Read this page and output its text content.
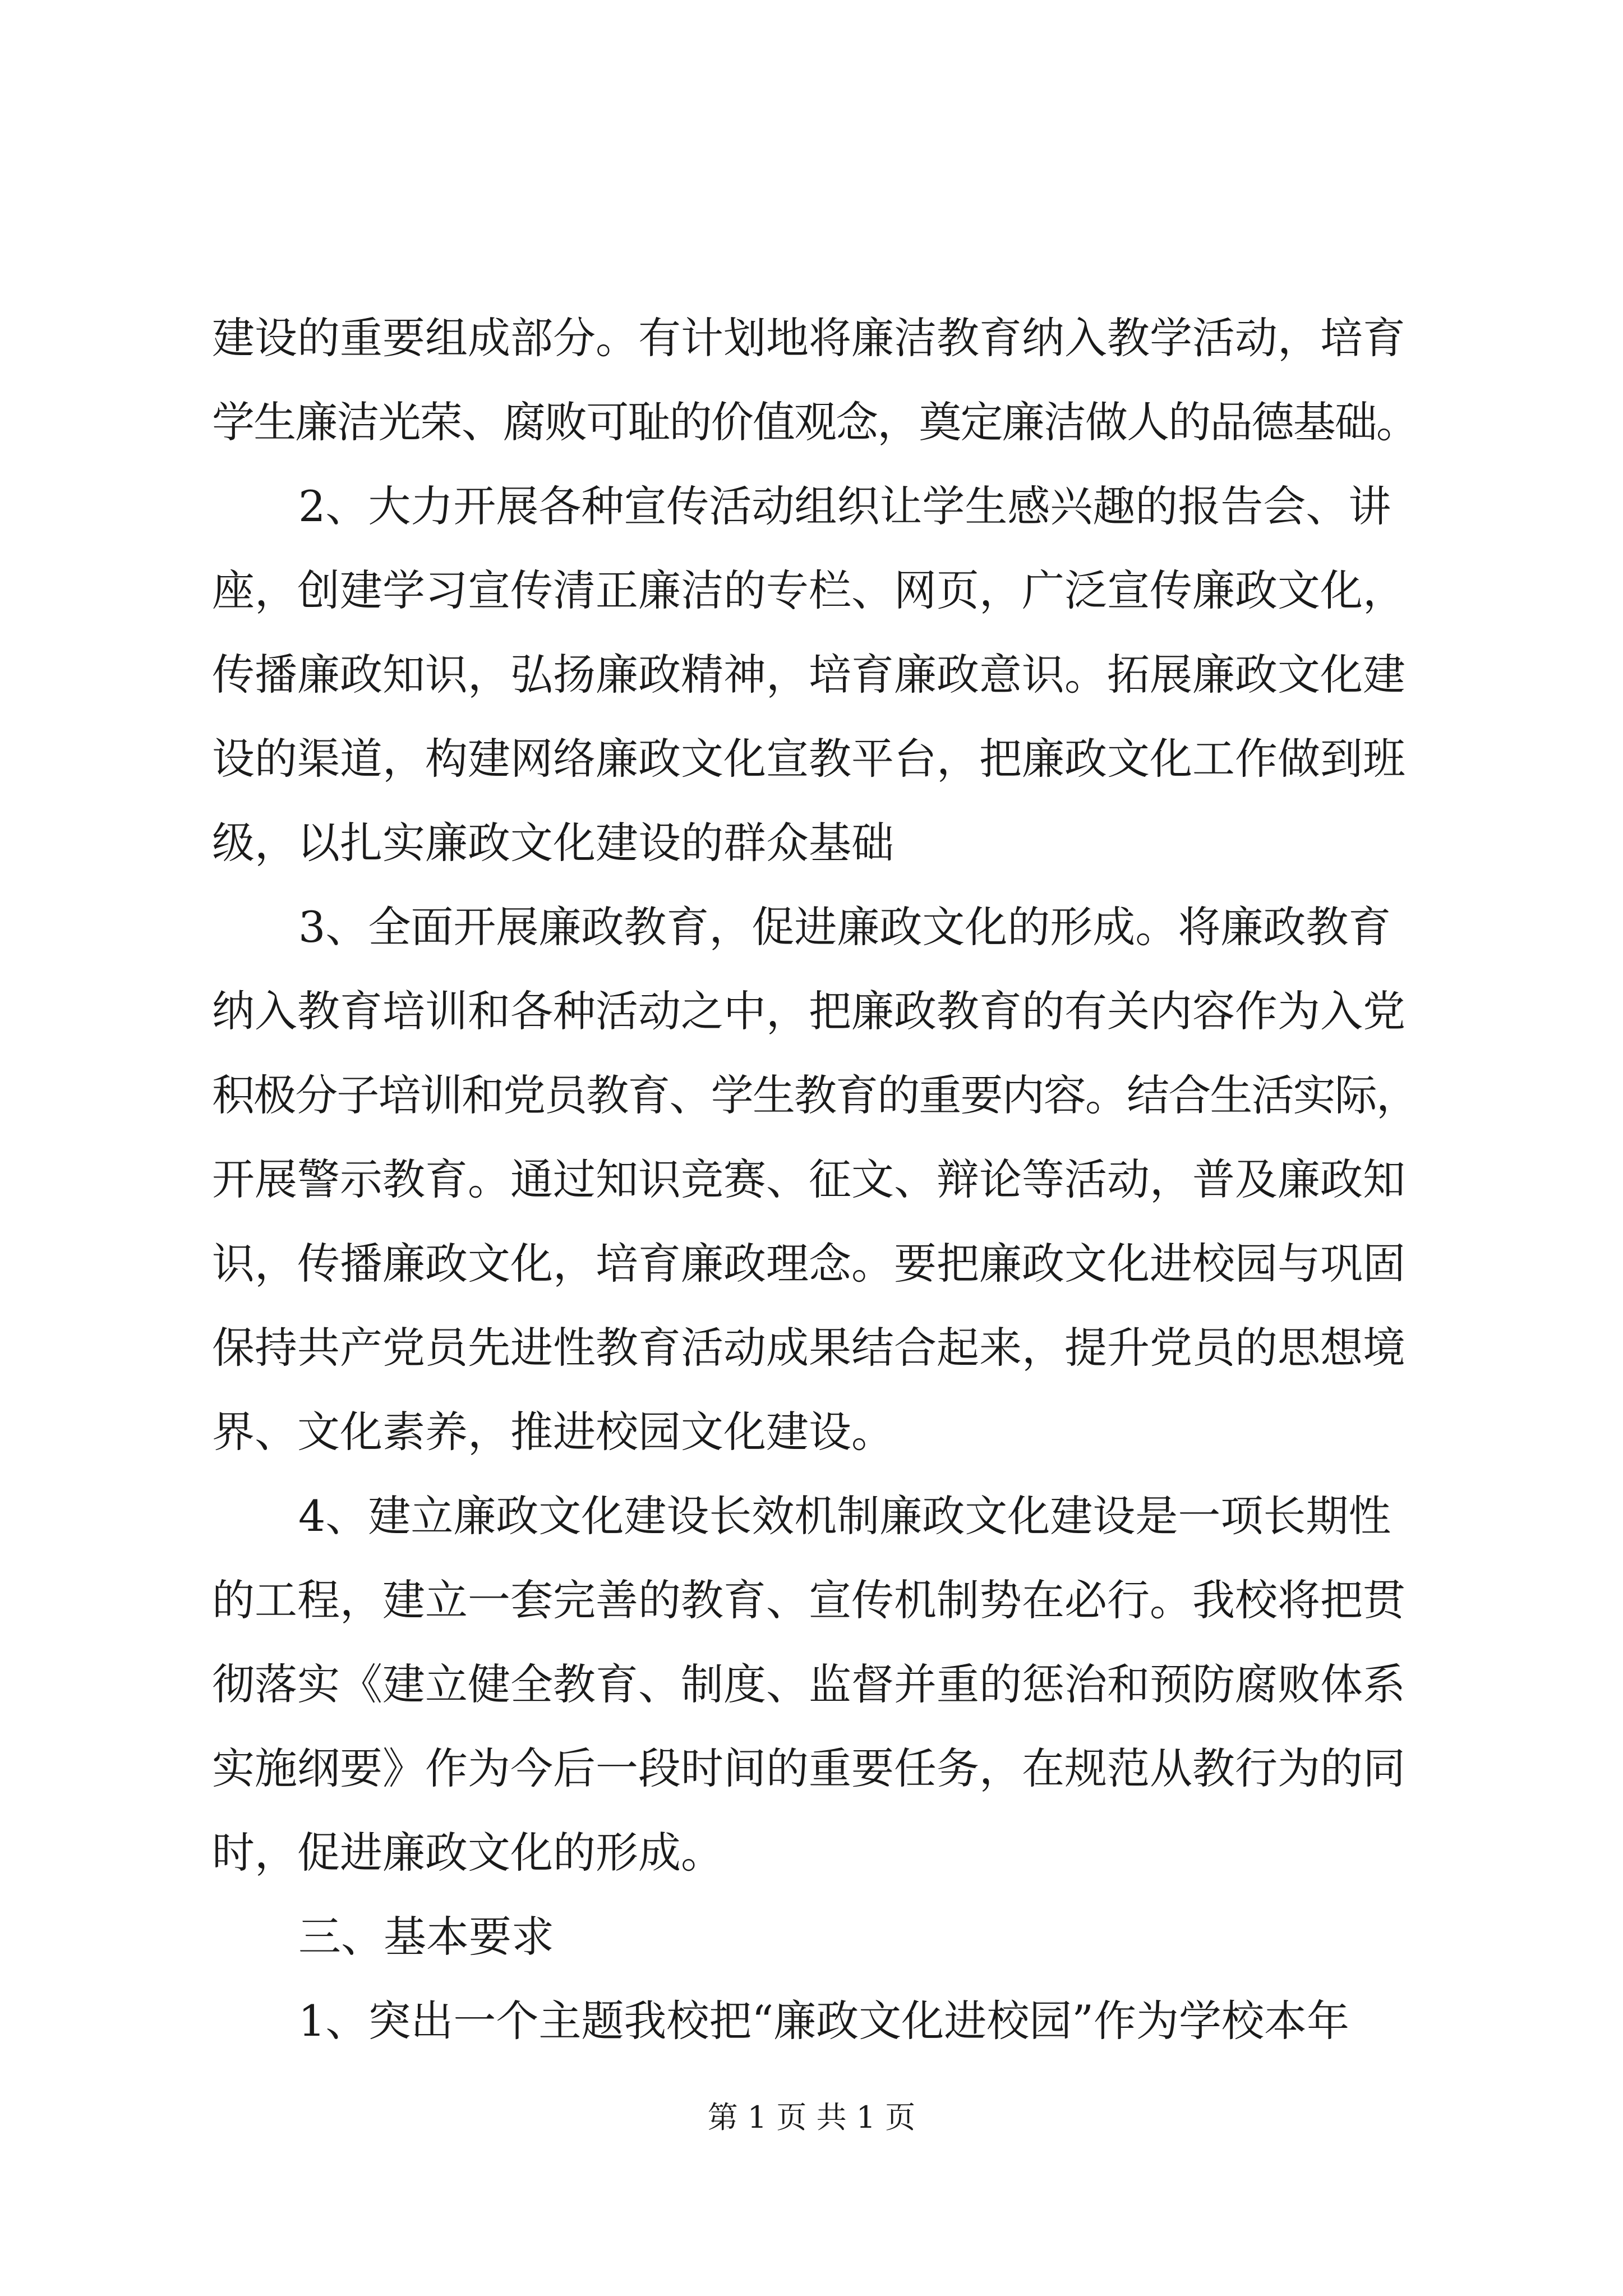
建设的重要组成部分。有计划地将廉洁教育纳入教学活动，培育
学生廉洁光荣、腐败可耻的价值观念，奠定廉洁做人的品德基础。
2、大力开展各种宣传活动组织让学生感兴趣的报告会、讲
座，创建学习宣传清正廉洁的专栏、网页，广泛宣传廉政文化，
传播廉政知识，弘扬廉政精神，培育廉政意识。拓展廉政文化建
设的渠道，构建网络廉政文化宣教平台，把廉政文化工作做到班
级，以扎实廉政文化建设的群众基础
3、全面开展廉政教育，促进廉政文化的形成。将廉政教育
纳入教育培训和各种活动之中，把廉政教育的有关内容作为入党
积极分子培训和党员教育、学生教育的重要内容。结合生活实际，
开展警示教育。通过知识竞赛、征文、辩论等活动，普及廉政知
识，传播廉政文化，培育廉政理念。要把廉政文化进校园与巩固
保持共产党员先进性教育活动成果结合起来，提升党员的思想境
界、文化素养，推进校园文化建设。
4、建立廉政文化建设长效机制廉政文化建设是一项长期性
的工程，建立一套完善的教育、宣传机制势在必行。我校将把贯
彻落实《建立健全教育、制度、监督并重的惩治和预防腐败体系
实施纲要》作为今后一段时间的重要任务，在规范从教行为的同
时，促进廉政文化的形成。
三、基本要求
1、突出一个主题我校把“廉政文化进校园”作为学校本年
第 1 页 共 1 页
